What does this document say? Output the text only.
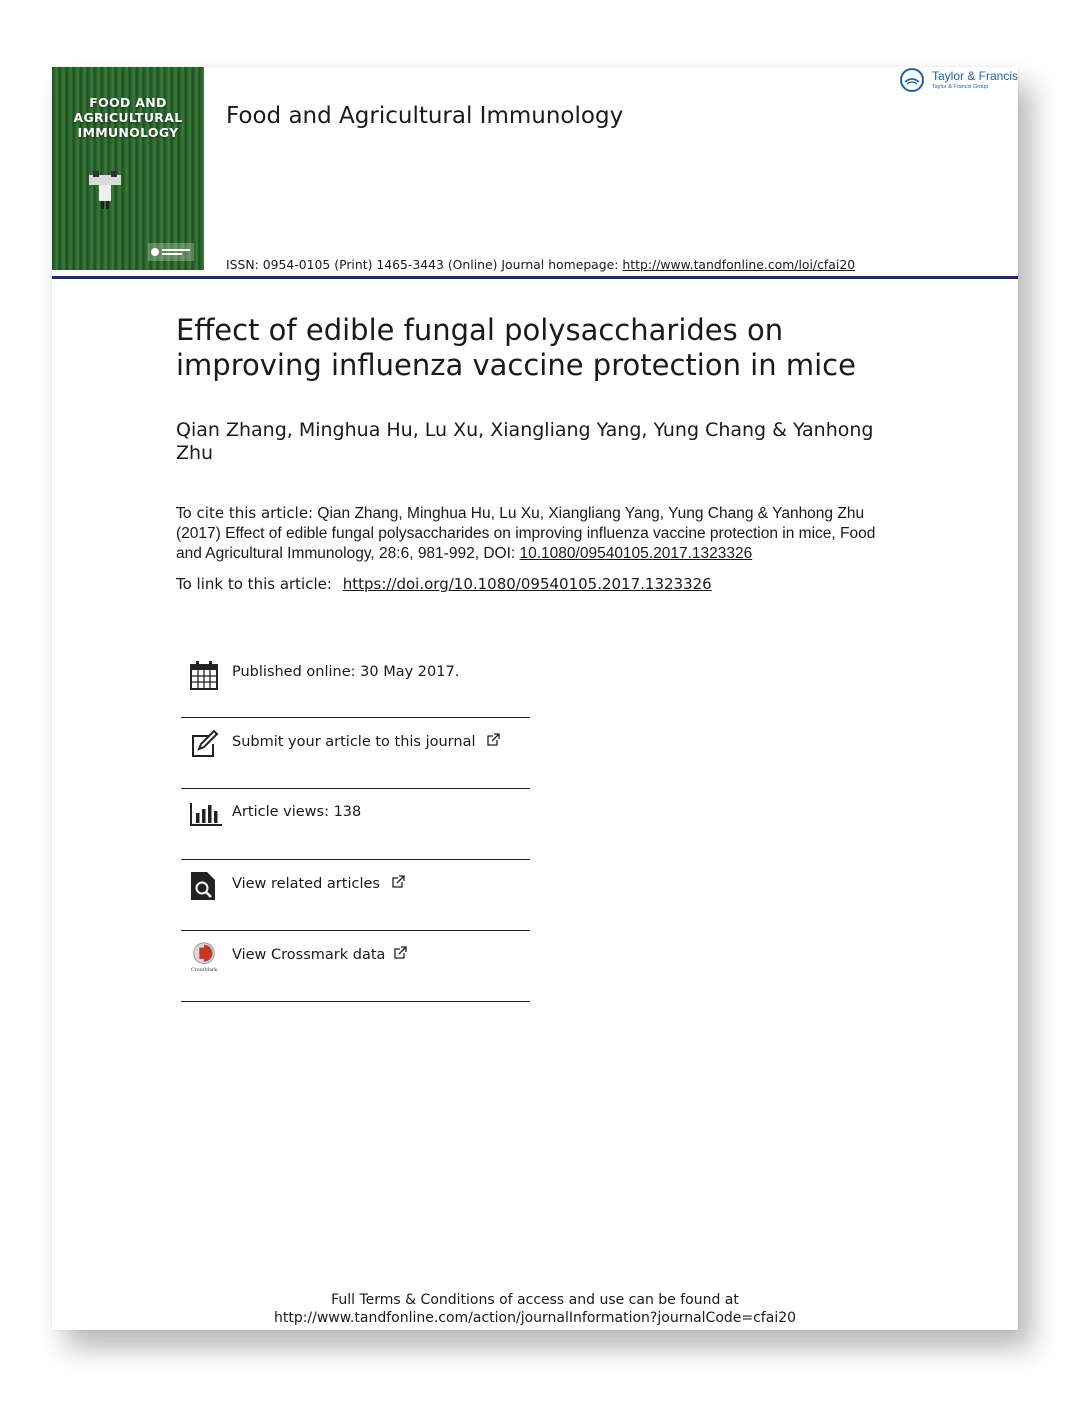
FOOD AND
AGRICULTURAL
IMMUNOLOGY
Food and Agricultural Immunology
Taylor & Francis
Taylor & Francis Group
ISSN: 0954-0105 (Print) 1465-3443 (Online) Journal homepage: http://www.tandfonline.com/loi/cfai20
Effect of edible fungal polysaccharides on improving influenza vaccine protection in mice
Qian Zhang, Minghua Hu, Lu Xu, Xiangliang Yang, Yung Chang & Yanhong Zhu
To cite this article: Qian Zhang, Minghua Hu, Lu Xu, Xiangliang Yang, Yung Chang & Yanhong Zhu (2017) Effect of edible fungal polysaccharides on improving influenza vaccine protection in mice, Food and Agricultural Immunology, 28:6, 981-992, DOI: 10.1080/09540105.2017.1323326
To link to this article: https://doi.org/10.1080/09540105.2017.1323326
Published online: 30 May 2017.
Submit your article to this journal
Article views: 138
View related articles
CrossMark
View Crossmark data
Full Terms & Conditions of access and use can be found at
http://www.tandfonline.com/action/journalInformation?journalCode=cfai20
